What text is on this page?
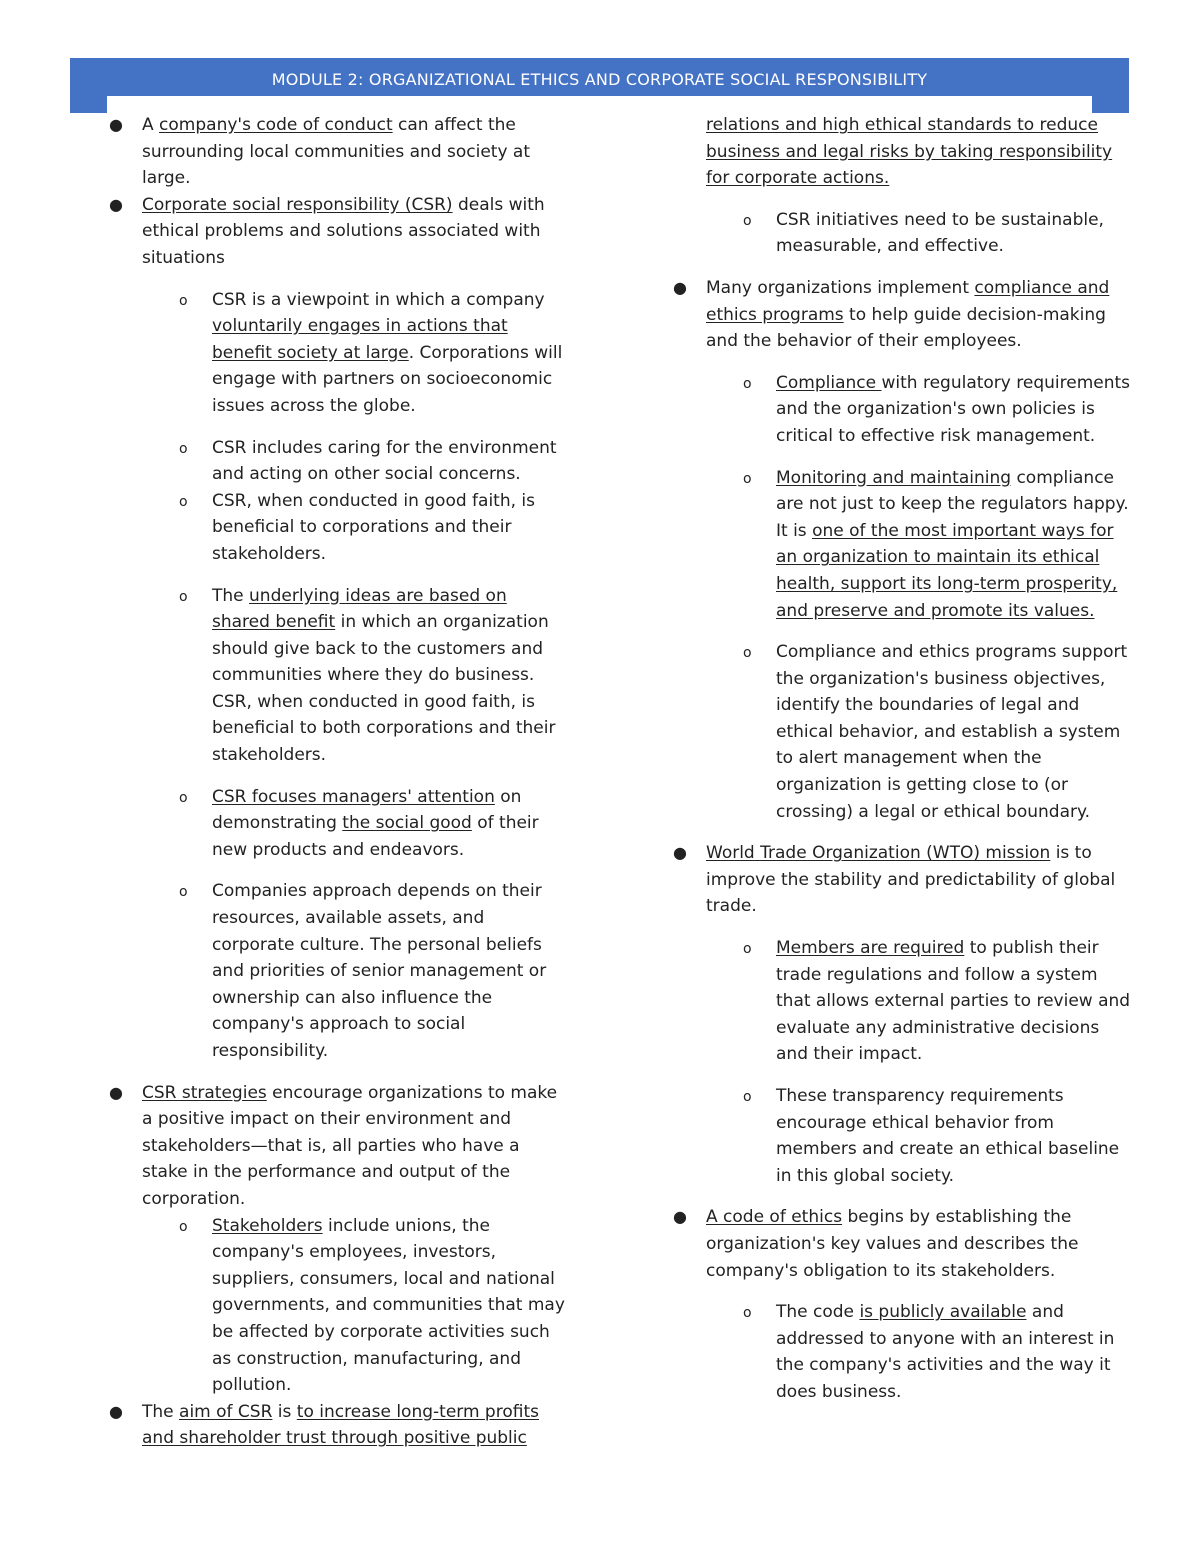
MODULE 2: ORGANIZATIONAL ETHICS AND CORPORATE SOCIAL RESPONSIBILITY

● A company's code of conduct can affect the surrounding local communities and society at large.

● Corporate social responsibility (CSR) deals with ethical problems and solutions associated with situations

o CSR is a viewpoint in which a company voluntarily engages in actions that benefit society at large. Corporations will engage with partners on socioeconomic issues across the globe.

o CSR includes caring for the environment and acting on other social concerns.

o CSR, when conducted in good faith, is beneficial to corporations and their stakeholders.

o The underlying ideas are based on shared benefit in which an organization should give back to the customers and communities where they do business. CSR, when conducted in good faith, is beneficial to both corporations and their stakeholders.

o CSR focuses managers' attention on demonstrating the social good of their new products and endeavors.

o Companies approach depends on their resources, available assets, and corporate culture. The personal beliefs and priorities of senior management or ownership can also influence the company's approach to social responsibility.

● CSR strategies encourage organizations to make a positive impact on their environment and stakeholders—that is, all parties who have a stake in the performance and output of the corporation.

o Stakeholders include unions, the company's employees, investors, suppliers, consumers, local and national governments, and communities that may be affected by corporate activities such as construction, manufacturing, and pollution.

● The aim of CSR is to increase long-term profits and shareholder trust through positive public

relations and high ethical standards to reduce business and legal risks by taking responsibility for corporate actions.

o CSR initiatives need to be sustainable, measurable, and effective.

● Many organizations implement compliance and ethics programs to help guide decision-making and the behavior of their employees.

o Compliance with regulatory requirements and the organization's own policies is critical to effective risk management.

o Monitoring and maintaining compliance are not just to keep the regulators happy. It is one of the most important ways for an organization to maintain its ethical health, support its long-term prosperity, and preserve and promote its values.

o Compliance and ethics programs support the organization's business objectives, identify the boundaries of legal and ethical behavior, and establish a system to alert management when the organization is getting close to (or crossing) a legal or ethical boundary.

● World Trade Organization (WTO) mission is to improve the stability and predictability of global trade.

o Members are required to publish their trade regulations and follow a system that allows external parties to review and evaluate any administrative decisions and their impact.

o These transparency requirements encourage ethical behavior from members and create an ethical baseline in this global society.

● A code of ethics begins by establishing the organization's key values and describes the company's obligation to its stakeholders.

o The code is publicly available and addressed to anyone with an interest in the company's activities and the way it does business.
